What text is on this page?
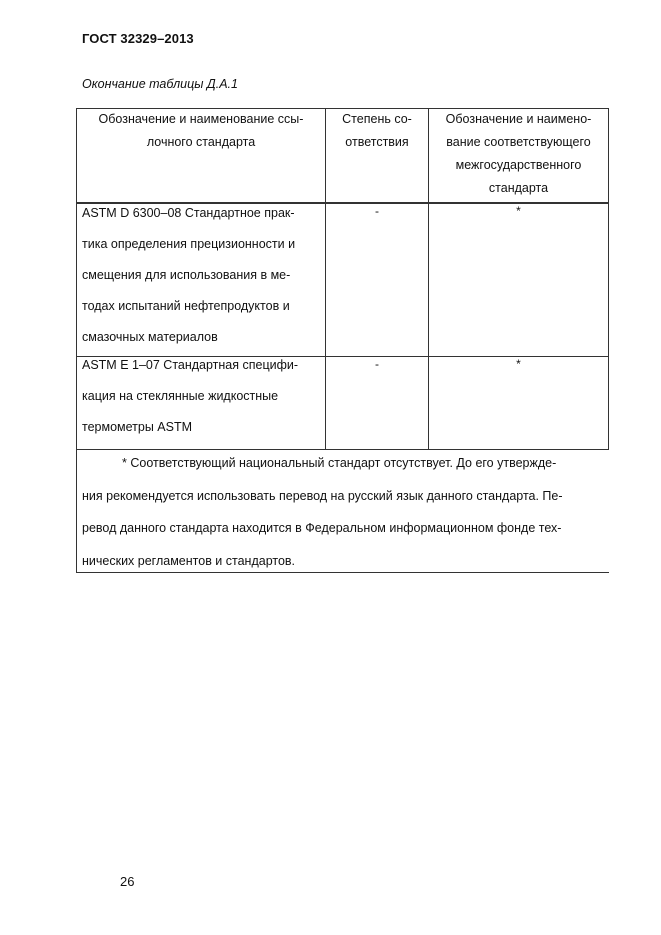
ГОСТ 32329–2013
Окончание таблицы Д.А.1
Обозначение и наименование ссы-
лочного стандарта
Степень со-
ответствия
Обозначение и наимено-
вание соответствующего
межгосударственного
стандарта
ASTM D 6300–08 Стандартное прак-
тика определения прецизионности и
смещения для использования в ме-
тодах испытаний нефтепродуктов и
смазочных материалов
-	*
ASTM E 1–07 Стандартная специфи-
кация на стеклянные жидкостные
термометры ASTM
-	*
* Соответствующий национальный стандарт отсутствует. До его утвержде-
ния рекомендуется использовать перевод на русский язык данного стандарта. Пе-
ревод данного стандарта находится в Федеральном информационном фонде тех-
нических регламентов и стандартов.
26
